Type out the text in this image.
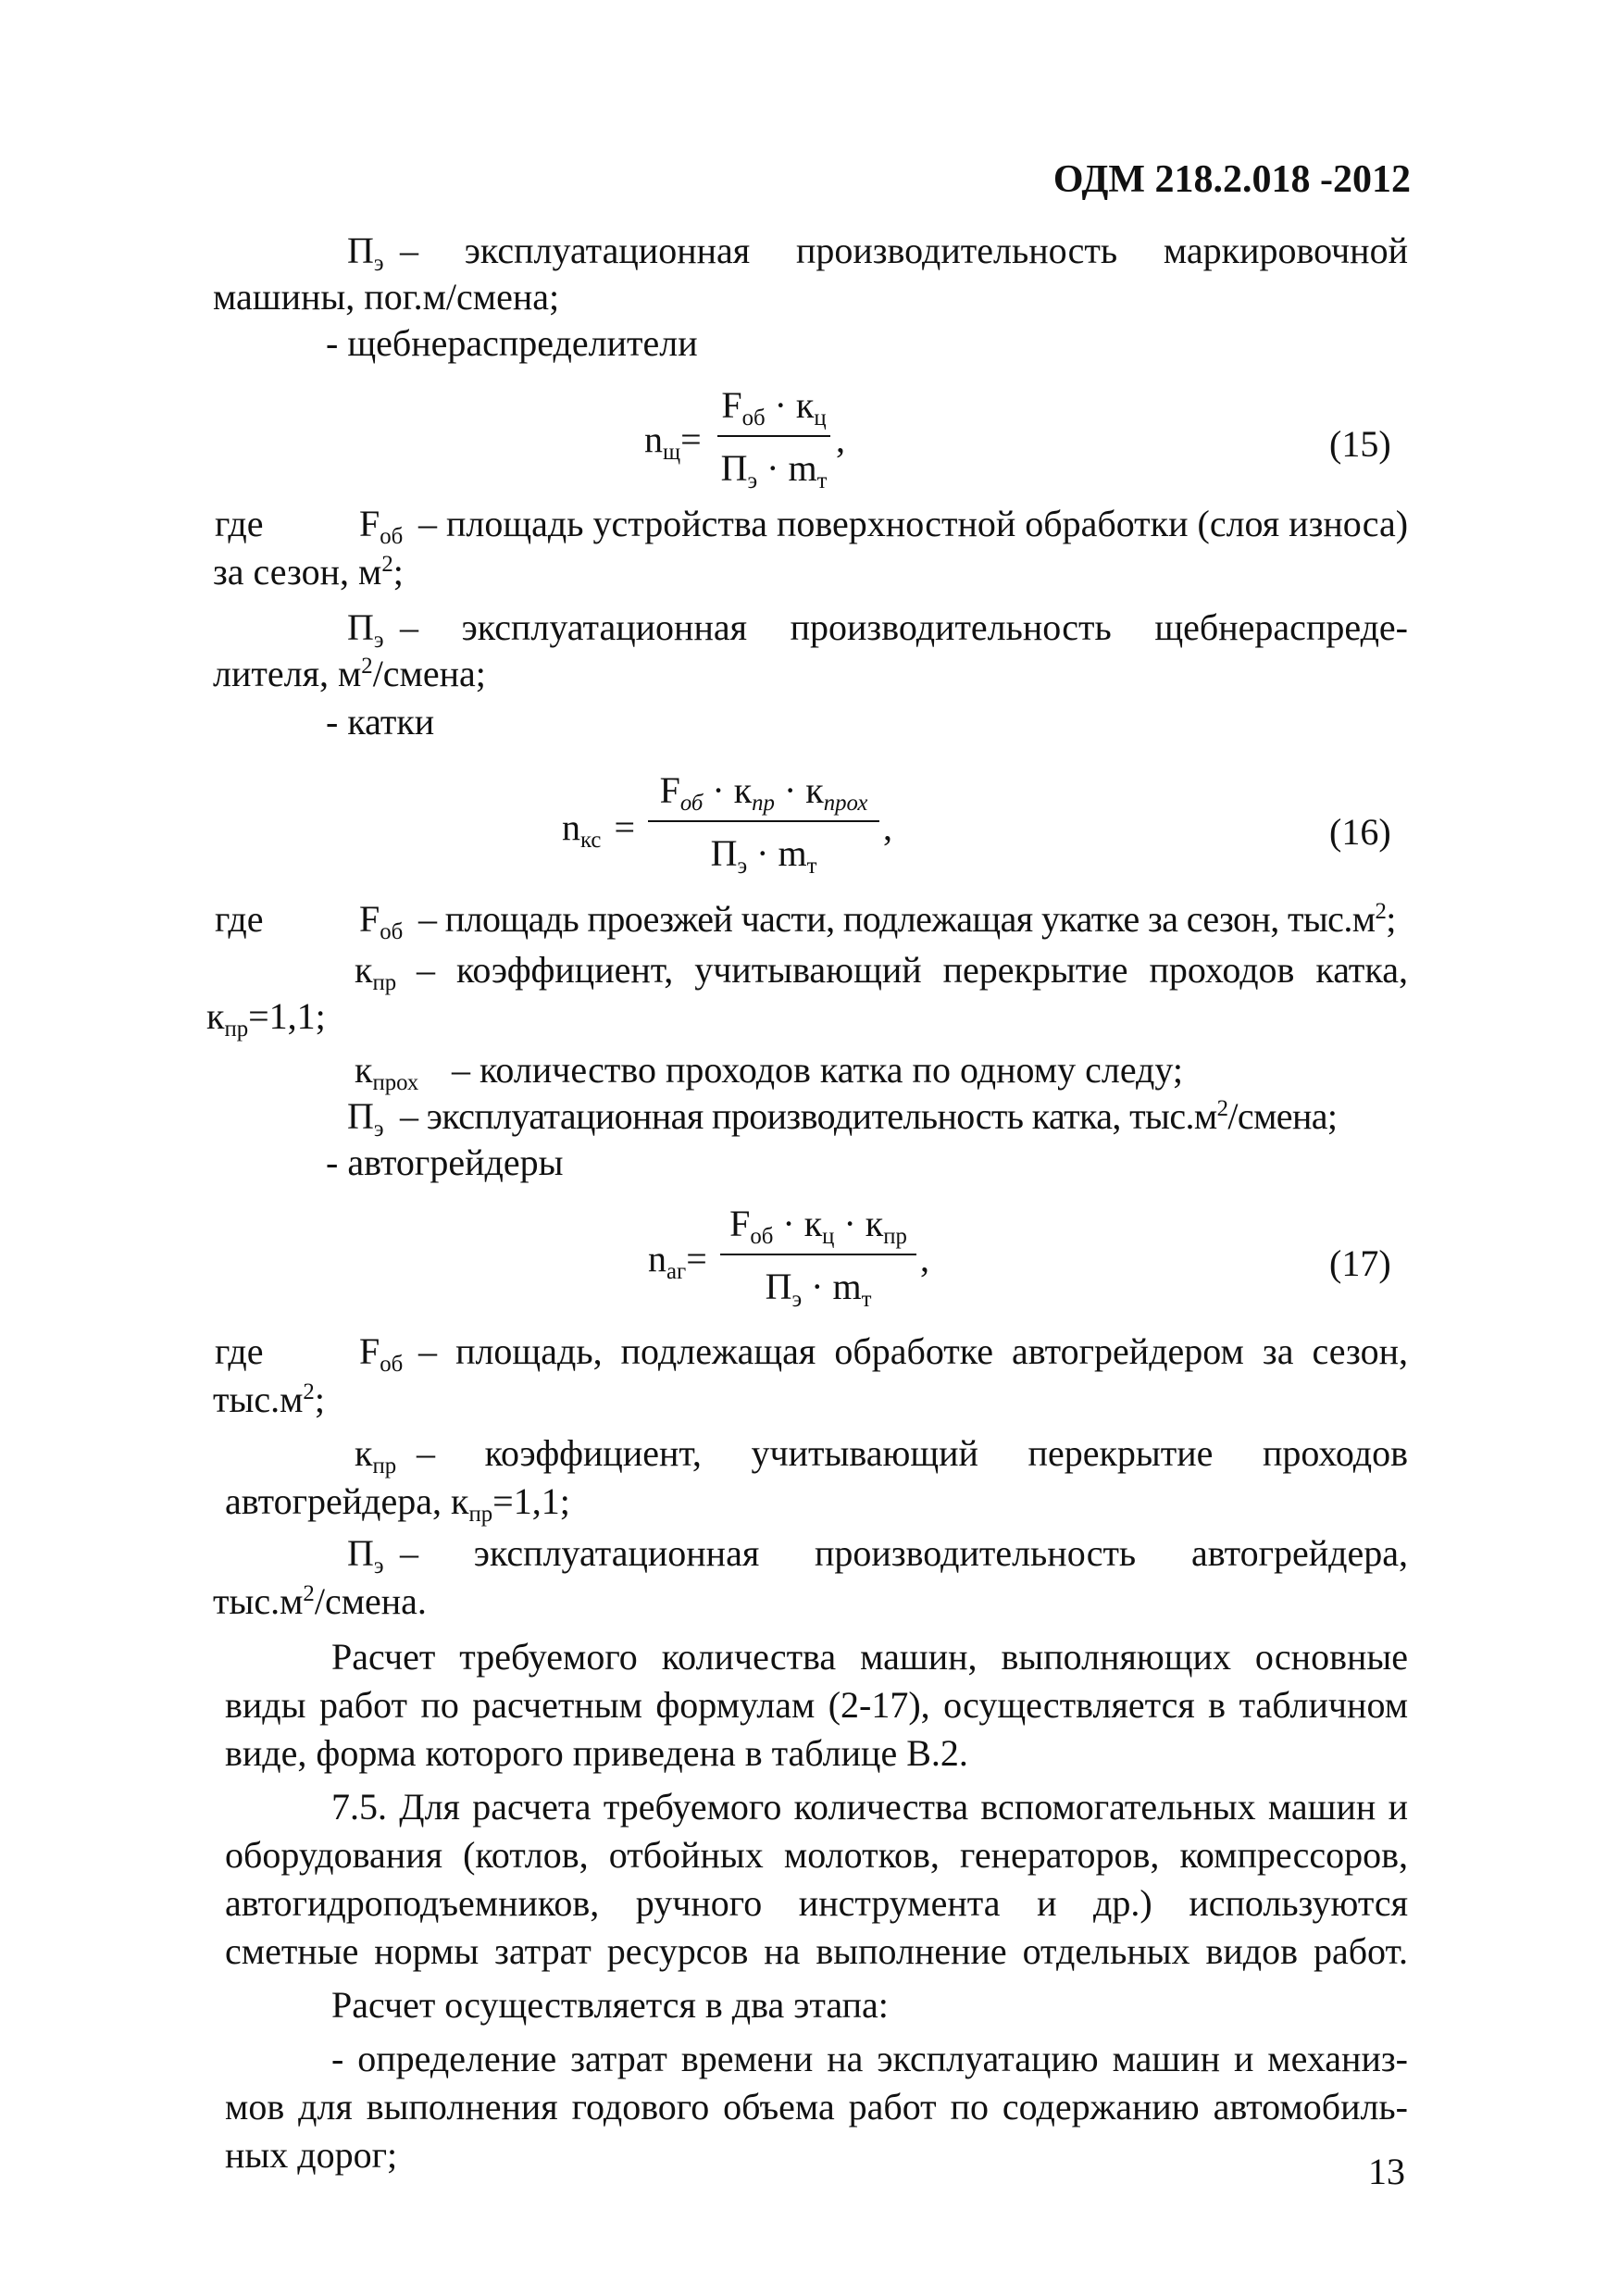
ОДМ 218.2.018 -2012
$П_э$ – эксплуатационная производительность маркировочной
машины, пог.м/смена;
- щебнераспределители
$n_щ=$
$F_{об} \cdot к_ц$
$П_э \cdot m_т$
,	(15)
где	$F_{об}$ – площадь устройства поверхностной обработки (слоя износа)
за сезон, $м^2$;
$П_э$ – эксплуатационная производительность щебнераспреде-
лителя, $м^2$/смена;
- катки
$n_{кс}$ =
$F_{об} \cdot к_{пр} \cdot к_{прох}$
$П_э \cdot m_т$
,	(16)
где	$F_{об}$ – площадь проезжей части, подлежащая укатке за сезон, $тыс.м^2$;
$к_{пр}$ – коэффициент, учитывающий перекрытие проходов катка,
$к_{пр}=1,1$;
$к_{прох}$ – количество проходов катка по одному следу;
$П_э$ – эксплуатационная производительность катка, $тыс.м^2$/смена;
- автогрейдеры
$n_{аг}=$
$F_{об} \cdot к_ц \cdot к_{пр}$
$П_э \cdot m_т$
,	(17)
где	$F_{об}$ – площадь, подлежащая обработке автогрейдером за сезон,
$тыс.м^2$;
$к_{пр}$ – коэффициент, учитывающий перекрытие проходов
автогрейдера, $к_{пр}=1,1$;
$П_э$ – эксплуатационная производительность автогрейдера,
$тыс.м^2$/смена.
Расчет требуемого количества машин, выполняющих основные
виды работ по расчетным формулам (2-17), осуществляется в табличном
виде, форма которого приведена в таблице В.2.
7.5. Для расчета требуемого количества вспомогательных машин и
оборудования (котлов, отбойных молотков, генераторов, компрессоров,
автогидроподъемников, ручного инструмента и др.) используются
сметные нормы затрат ресурсов на выполнение отдельных видов работ.
Расчет осуществляется в два этапа:
- определение затрат времени на эксплуатацию машин и механиз-
мов для выполнения годового объема работ по содержанию автомобиль-
ных дорог;	13
